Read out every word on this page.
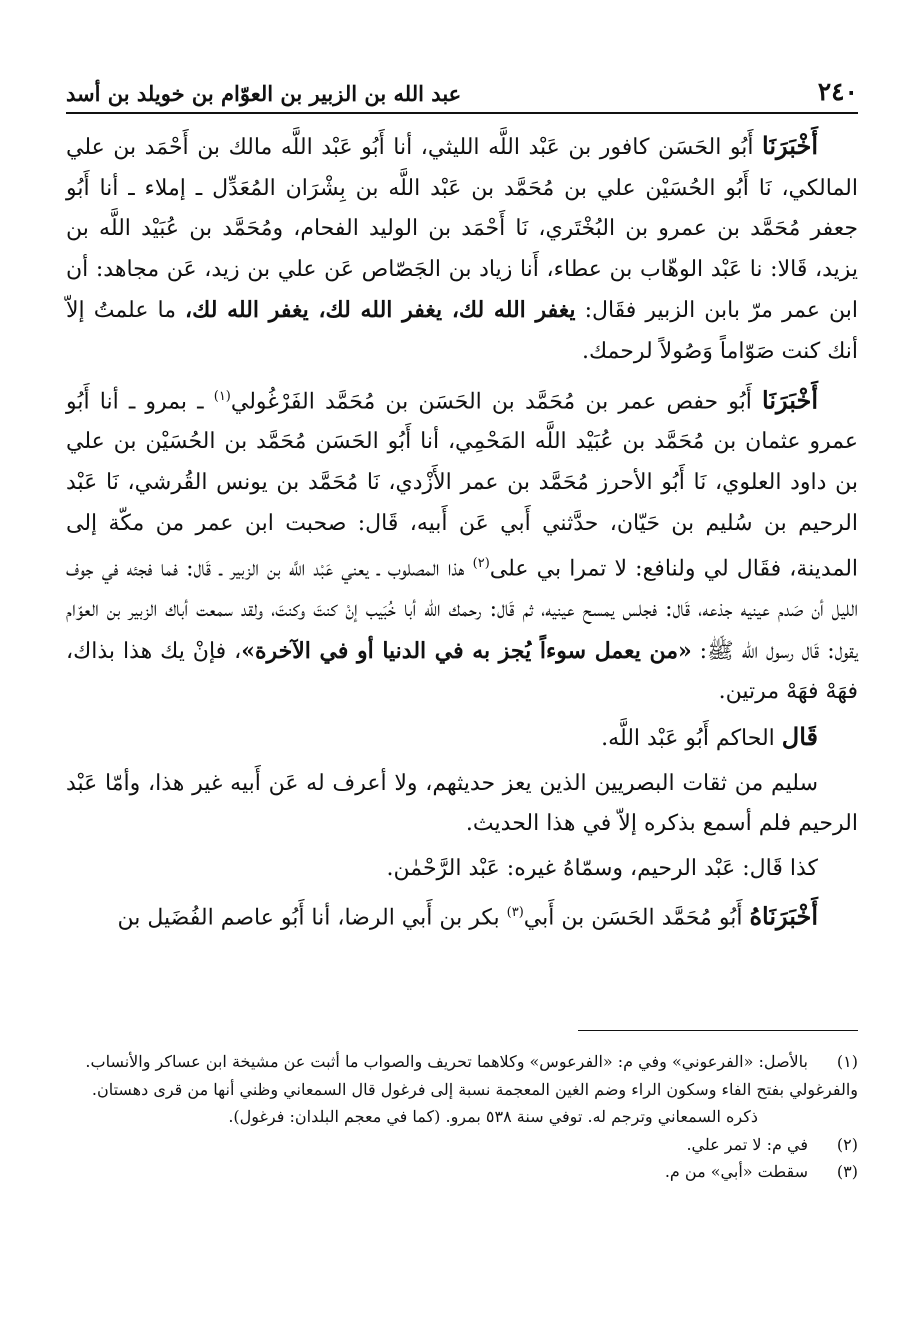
٢٤٠
عبد الله بن الزبير بن العوّام بن خويلد بن أسد

أَخْبَرَنَا أَبُو الحَسَن كافور بن عَبْد اللَّه الليثي، أنا أَبُو عَبْد اللَّه مالك بن أَحْمَد بن علي المالكي، نَا أَبُو الحُسَيْن علي بن مُحَمَّد بن عَبْد اللَّه بن بِشْرَان المُعَدِّل ـ إملاء ـ أنا أَبُو جعفر مُحَمَّد بن عمرو بن البُخْتَري، نَا أَحْمَد بن الوليد الفحام، ومُحَمَّد بن عُبَيْد اللَّه بن يزيد، قَالا: نا عَبْد الوهّاب بن عطاء، أَنا زياد بن الجَصّاص عَن علي بن زيد، عَن مجاهد: أن ابن عمر مرّ بابن الزبير فقَال: يغفر الله لك، يغفر الله لك، يغفر الله لك، ما علمتُ إلاّ أنك كنت صَوّاماً وَصُولاً لرحمك.

أَخْبَرَنَا أَبُو حفص عمر بن مُحَمَّد بن الحَسَن بن مُحَمَّد الفَرْغُولي$^{(١)}$ ـ بمرو ـ أنا أَبُو عمرو عثمان بن مُحَمَّد بن عُبَيْد اللَّه المَحْمِي، أنا أَبُو الحَسَن مُحَمَّد بن الحُسَيْن بن علي بن داود العلوي، نَا أَبُو الأحرز مُحَمَّد بن عمر الأَزْدي، نَا مُحَمَّد بن يونس القُرشي، نَا عَبْد الرحيم بن سُليم بن حَيّان، حدَّثني أَبي عَن أَبيه، قَال: صحبت ابن عمر من مكّة إلى المدينة، فقَال لي ولنافع: لا تمرا بي على$^{(٢)}$ هذا المصلوب ـ يعني عَبْد اللَّه بن الزبير ـ قَال: فما فجئه في جوف الليل أن صَدم عينيه جذعه، قَال: فجلس يمسح عينيه، ثم قَال: رحمك الله أبا خُبَيب إنْ كنتَ وكنتَ، ولقد سمعت أباك الزبير بن العوّام يقول: قَال رسول الله ﷺ: «من يعمل سوءاً يُجز به في الدنيا أو في الآخرة»، فإنْ يك هذا بذاك، فهَهْ فهَهْ مرتين.

قَال الحاكم أَبُو عَبْد اللَّه.

سليم من ثقات البصريين الذين يعز حديثهم، ولا أعرف له عَن أَبيه غير هذا، وأمّا عَبْد الرحيم فلم أسمع بذكره إلاّ في هذا الحديث.

كذا قَال: عَبْد الرحيم، وسمّاهُ غيره: عَبْد الرَّحْمٰن.

أَخْبَرَنَاهُ أَبُو مُحَمَّد الحَسَن بن أَبي$^{(٣)}$ بكر بن أَبي الرضا، أنا أَبُو عاصم الفُضَيل بن

(١)
بالأصل: «الفرعوني» وفي م: «الفرعوس» وكلاهما تحريف والصواب ما أثبت عن مشيخة ابن عساكر والأنساب.
والفرغولي بفتح الفاء وسكون الراء وضم الغين المعجمة نسبة إلى فرغول قال السمعاني وظني أنها من قرى دهستان.
ذكره السمعاني وترجم له. توفي سنة ٥٣٨ بمرو. (كما في معجم البلدان: فرغول).
(٢)
في م: لا تمر علي.
(٣)
سقطت «أبي» من م.
